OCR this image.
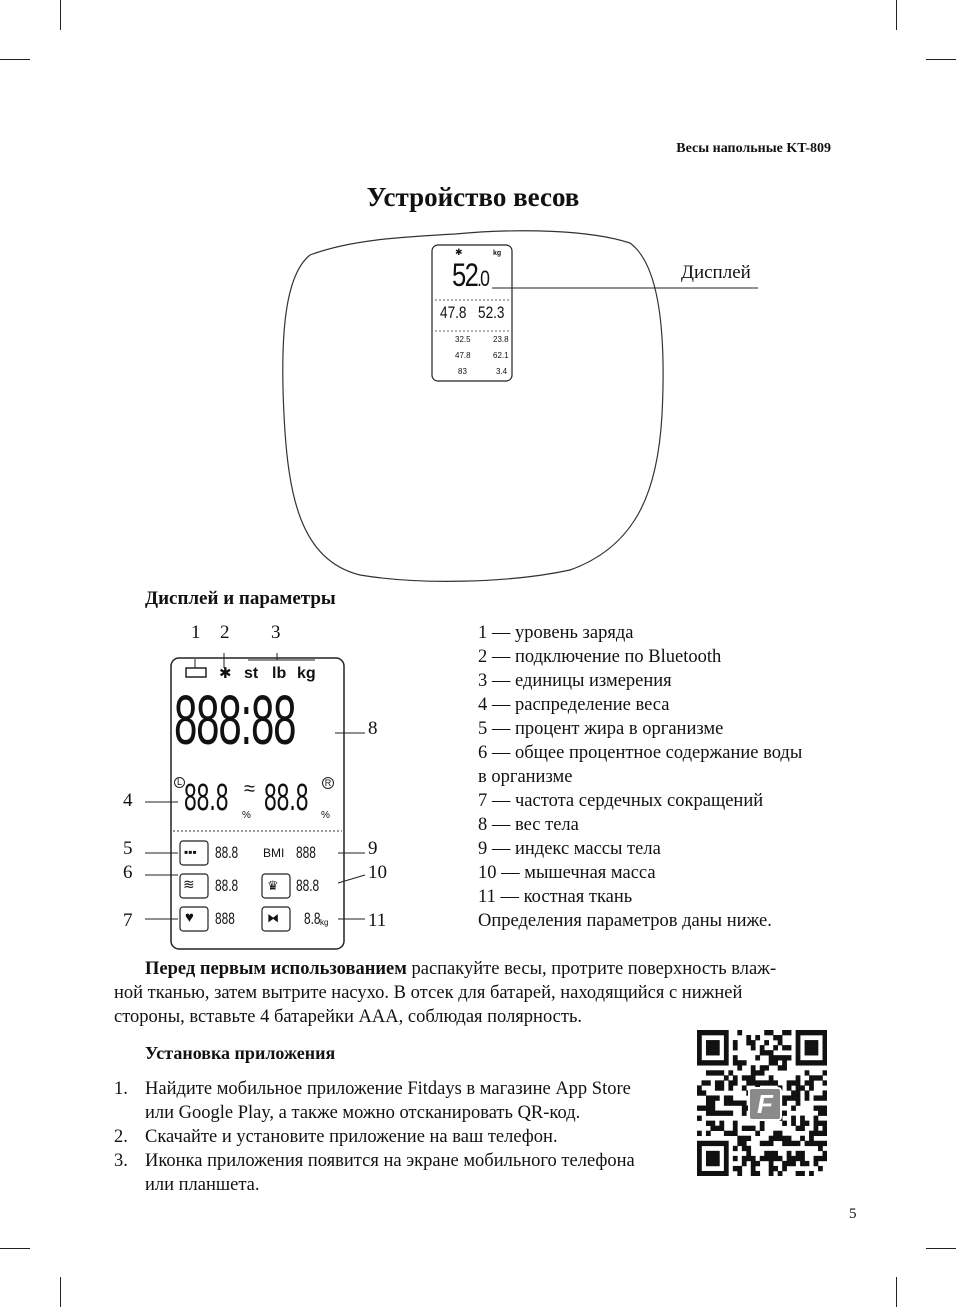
Весы напольные KT-809
Устройство весов
✱	kg
52.0
47.8 52.3
32.5	23.8
47.8	62.1
83	3.4
Дисплей
Дисплей и параметры
1 2 3
4
5
6
7
8
9
10
11
✱ st lb kg
888:88
L	R
88.8 %
≈ 88.8 %
▪▪▪ 88.8 BMI 888
≋ 88.8 ♛ 88.8
♥ 888	⧓ 8.8 kg
1 — уровень заряда
2 — подключение по Bluetooth
3 — единицы измерения
4 — распределение веса
5 — процент жира в организме
6 — общее процентное содержание воды
в организме
7 — частота сердечных сокращений
8 — вес тела
9 — индекс массы тела
10 — мышечная масса
11 — костная ткань
Определения параметров даны ниже.
Перед первым использованием распакуйте весы, протрите поверхность влаж-
ной тканью, затем вытрите насухо. В отсек для батарей, находящийся с нижней
стороны, вставьте 4 батарейки ААА, соблюдая полярность.
Установка приложения
1. Найдите мобильное приложение Fitdays в магазине App Store
или Google Play, а также можно отсканировать QR-код.
2. Скачайте и установите приложение на ваш телефон.
3. Иконка приложения появится на экране мобильного телефона
или планшета.
F
5
